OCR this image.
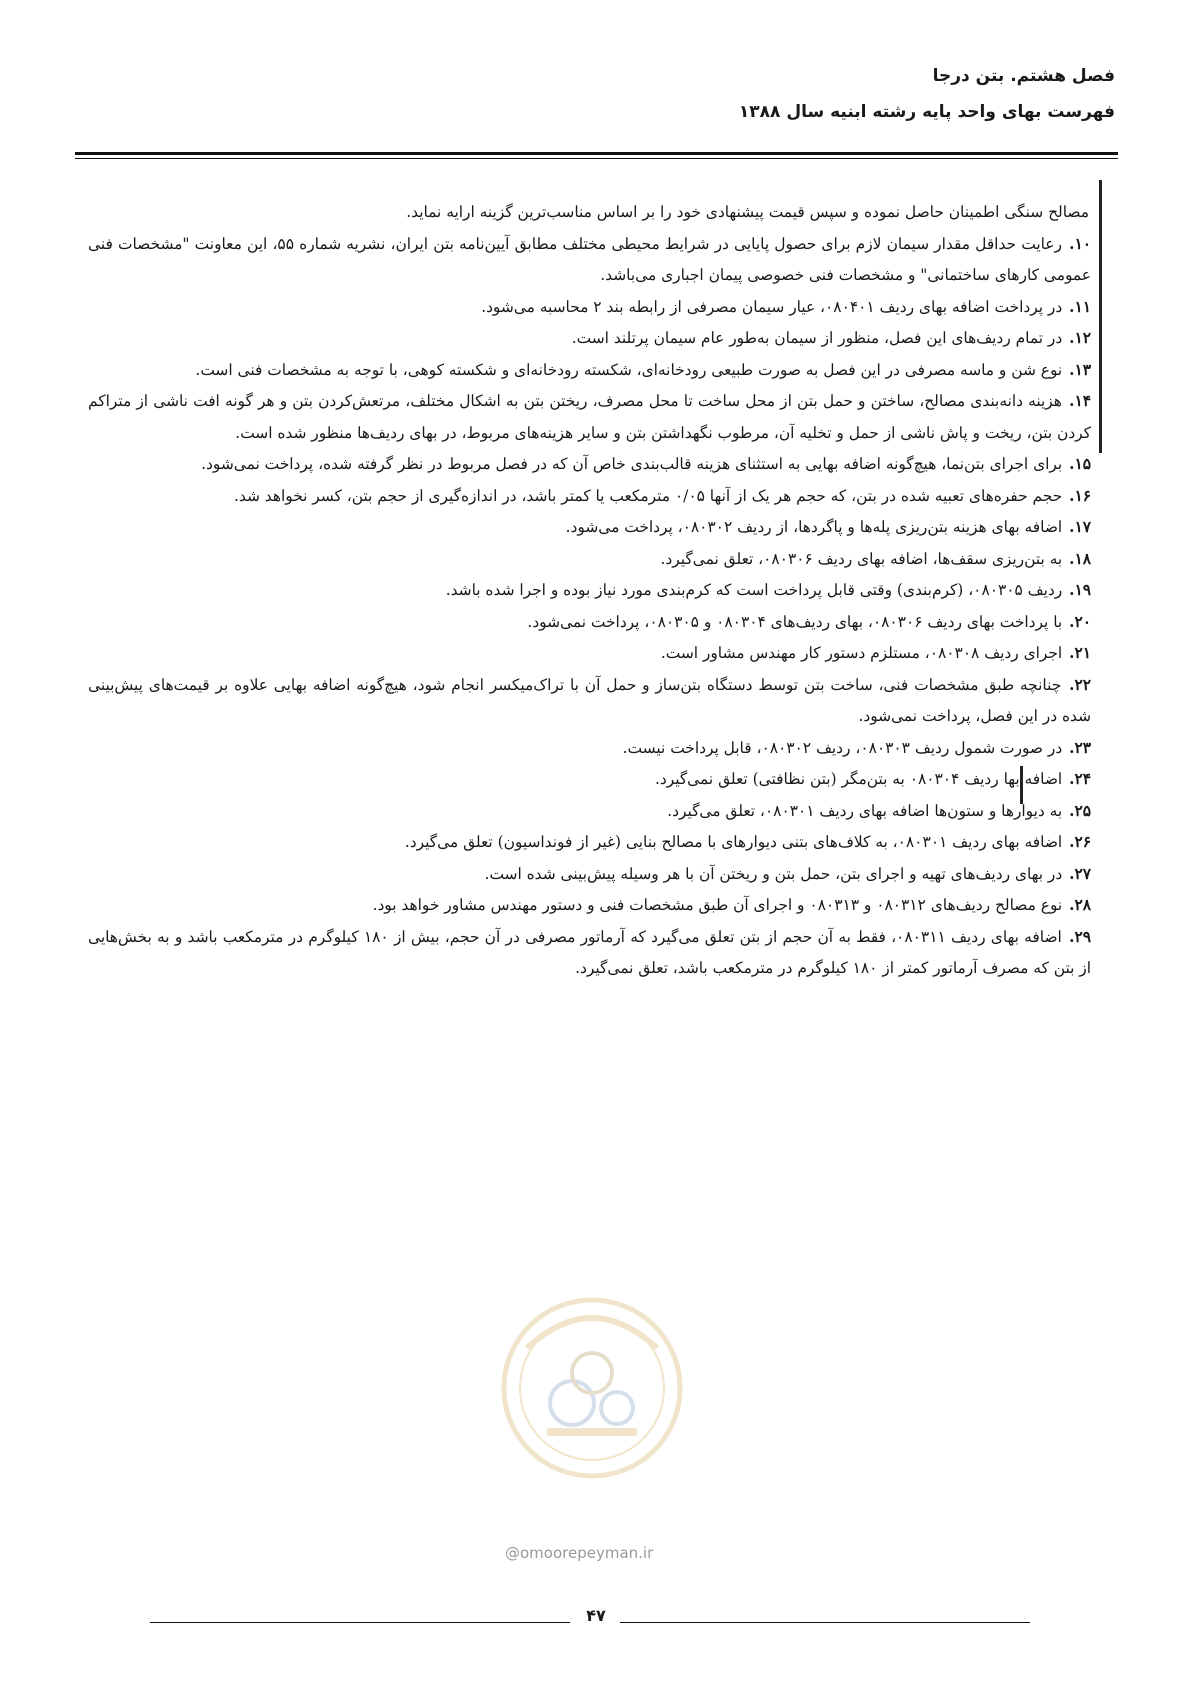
فصل هشتم. بتن درجا
فهرست بهای واحد پایه رشته ابنیه سال ۱۳۸۸

مصالح سنگی اطمینان حاصل نموده و سپس قیمت پیشنهادی خود را بر اساس مناسب‌ترین گزینه ارایه نماید.

۱۰. رعایت حداقل مقدار سیمان لازم برای حصول پایایی در شرایط محیطی مختلف مطابق آیین‌نامه بتن ایران، نشریه شماره ۵۵، این معاونت "مشخصات فنی عمومی کارهای ساختمانی" و مشخصات فنی خصوصی پیمان اجباری می‌باشد.

۱۱. در پرداخت اضافه بهای ردیف ۰۸۰۴۰۱، عیار سیمان مصرفی از رابطه بند ۲ محاسبه می‌شود.

۱۲. در تمام ردیف‌های این فصل، منظور از سیمان به‌طور عام سیمان پرتلند است.

۱۳. نوع شن و ماسه مصرفی در این فصل به صورت طبیعی رودخانه‌ای، شکسته رودخانه‌ای و شکسته کوهی، با توجه به مشخصات فنی است.

۱۴. هزینه دانه‌بندی مصالح، ساختن و حمل بتن از محل ساخت تا محل مصرف، ریختن بتن به اشکال مختلف، مرتعش‌کردن بتن و هر گونه افت ناشی از متراکم کردن بتن، ریخت و پاش ناشی از حمل و تخلیه آن، مرطوب نگهداشتن بتن و سایر هزینه‌های مربوط، در بهای ردیف‌ها منظور شده است.

۱۵. برای اجرای بتن‌نما، هیچ‌گونه اضافه بهایی به استثنای هزینه قالب‌بندی خاص آن که در فصل مربوط در نظر گرفته شده، پرداخت نمی‌شود.

۱۶. حجم حفره‌های تعبیه شده در بتن، که حجم هر یک از آنها ۰/۰۵ مترمکعب یا کمتر باشد، در اندازه‌گیری از حجم بتن، کسر نخواهد شد.

۱۷. اضافه بهای هزینه بتن‌ریزی پله‌ها و پاگردها، از ردیف ۰۸۰۳۰۲، پرداخت می‌شود.

۱۸. به بتن‌ریزی سقف‌ها، اضافه بهای ردیف ۰۸۰۳۰۶، تعلق نمی‌گیرد.

۱۹. ردیف ۰۸۰۳۰۵، (کرم‌بندی) وقتی قابل پرداخت است که کرم‌بندی مورد نیاز بوده و اجرا شده باشد.

۲۰. با پرداخت بهای ردیف ۰۸۰۳۰۶، بهای ردیف‌های ۰۸۰۳۰۴ و ۰۸۰۳۰۵، پرداخت نمی‌شود.

۲۱. اجرای ردیف ۰۸۰۳۰۸، مستلزم دستور کار مهندس مشاور است.

۲۲. چنانچه طبق مشخصات فنی، ساخت بتن توسط دستگاه بتن‌ساز و حمل آن با تراک‌میکسر انجام شود، هیچ‌گونه اضافه بهایی علاوه بر قیمت‌های پیش‌بینی شده در این فصل، پرداخت نمی‌شود.

۲۳. در صورت شمول ردیف ۰۸۰۳۰۳، ردیف ۰۸۰۳۰۲، قابل پرداخت نیست.

۲۴. اضافه بها ردیف ۰۸۰۳۰۴ به بتن‌مگر (بتن نظافتی) تعلق نمی‌گیرد.

۲۵. به دیوارها و ستون‌ها اضافه بهای ردیف ۰۸۰۳۰۱، تعلق می‌گیرد.

۲۶. اضافه بهای ردیف ۰۸۰۳۰۱، به کلاف‌های بتنی دیوارهای با مصالح بنایی (غیر از فونداسیون) تعلق می‌گیرد.

۲۷. در بهای ردیف‌های تهیه و اجرای بتن، حمل بتن و ریختن آن با هر وسیله پیش‌بینی شده است.

۲۸. نوع مصالح ردیف‌های ۰۸۰۳۱۲ و ۰۸۰۳۱۳ و اجرای آن طبق مشخصات فنی و دستور مهندس مشاور خواهد بود.

۲۹. اضافه بهای ردیف ۰۸۰۳۱۱، فقط به آن حجم از بتن تعلق می‌گیرد که آرماتور مصرفی در آن حجم، بیش از ۱۸۰ کیلوگرم در مترمکعب باشد و به بخش‌هایی از بتن که مصرف آرماتور کمتر از ۱۸۰ کیلوگرم در مترمکعب باشد، تعلق نمی‌گیرد.

@omoorepeyman.ir
۴۷
